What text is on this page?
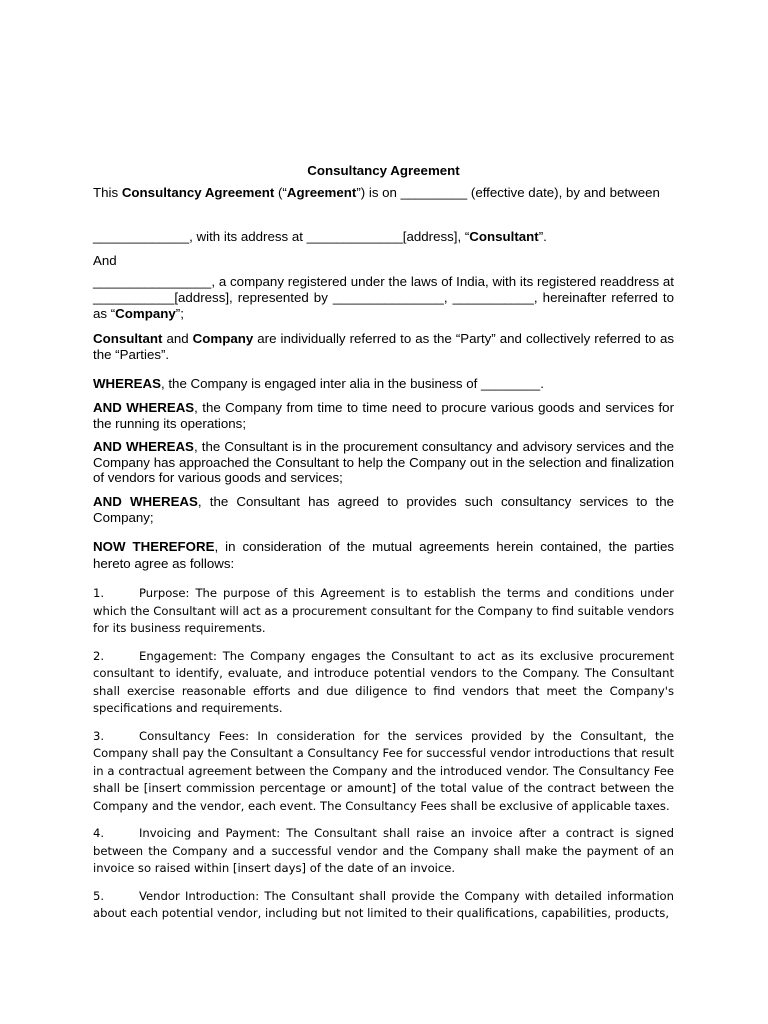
Consultancy Agreement

This Consultancy Agreement (“Agreement”) is on _________ (effective date), by and between

_____________, with its address at _____________[address], “Consultant”.

And

________________, a company registered under the laws of India, with its registered readdress at ___________[address], represented by _______________, ___________, hereinafter referred to as “Company”;

Consultant and Company are individually referred to as the “Party” and collectively referred to as the “Parties”.

WHEREAS, the Company is engaged inter alia in the business of ________.

AND WHEREAS, the Company from time to time need to procure various goods and services for the running its operations;

AND WHEREAS, the Consultant is in the procurement consultancy and advisory services and the Company has approached the Consultant to help the Company out in the selection and finalization of vendors for various goods and services;

AND WHEREAS, the Consultant has agreed to provides such consultancy services to the Company;

NOW THEREFORE, in consideration of the mutual agreements herein contained, the parties hereto agree as follows:

1.	Purpose: The purpose of this Agreement is to establish the terms and conditions under which the Consultant will act as a procurement consultant for the Company to find suitable vendors for its business requirements.

2.	Engagement: The Company engages the Consultant to act as its exclusive procurement consultant to identify, evaluate, and introduce potential vendors to the Company. The Consultant shall exercise reasonable efforts and due diligence to find vendors that meet the Company's specifications and requirements.

3.	Consultancy Fees: In consideration for the services provided by the Consultant, the Company shall pay the Consultant a Consultancy Fee for successful vendor introductions that result in a contractual agreement between the Company and the introduced vendor. The Consultancy Fee shall be [insert commission percentage or amount] of the total value of the contract between the Company and the vendor, each event. The Consultancy Fees shall be exclusive of applicable taxes.

4.	Invoicing and Payment: The Consultant shall raise an invoice after a contract is signed between the Company and a successful vendor and the Company shall make the payment of an invoice so raised within [insert days] of the date of an invoice.

5.	Vendor Introduction: The Consultant shall provide the Company with detailed information about each potential vendor, including but not limited to their qualifications, capabilities, products,
